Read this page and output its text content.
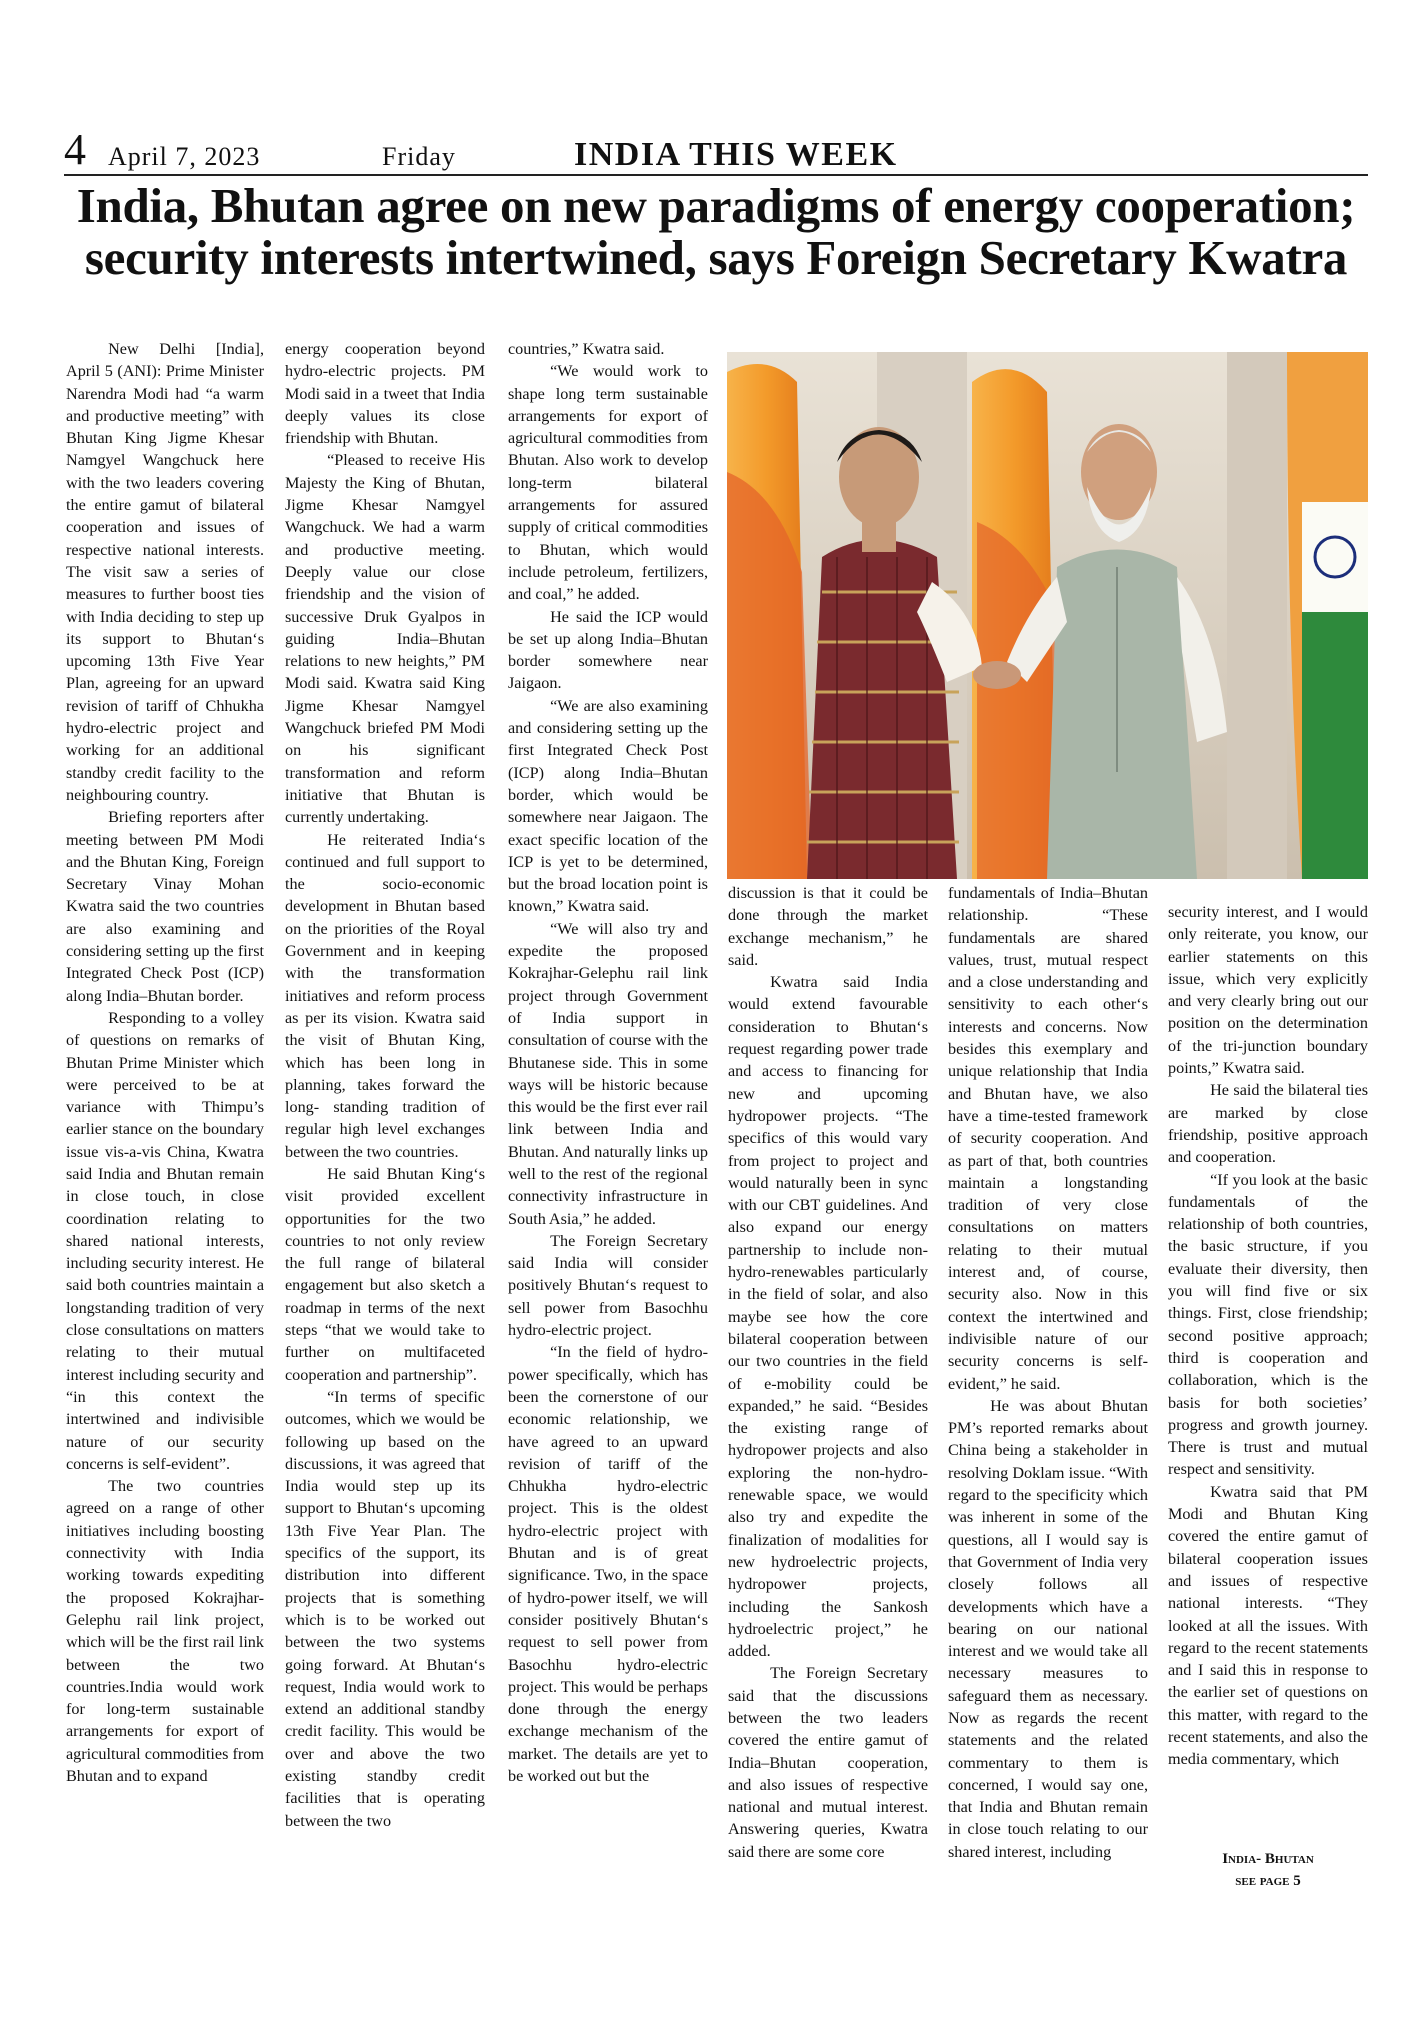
4 April 7, 2023	Friday	INDIA THIS WEEK
India, Bhutan agree on new paradigms of energy cooperation; security interests intertwined, says Foreign Secretary Kwatra

New Delhi [India], April 5 (ANI): Prime Minister Narendra Modi had “a warm and productive meeting” with Bhutan King Jigme Khesar Namgyel Wangchuck here with the two leaders covering the entire gamut of bilateral cooperation and issues of respective national interests. The visit saw a series of measures to further boost ties with India deciding to step up its support to Bhutan‘s upcoming 13th Five Year Plan, agreeing for an upward revision of tariff of Chhukha hydro-electric project and working for an additional standby credit facility to the neighbouring country.

Briefing reporters after meeting between PM Modi and the Bhutan King, Foreign Secretary Vinay Mohan Kwatra said the two countries are also examining and considering setting up the first Integrated Check Post (ICP) along India–Bhutan border.

Responding to a volley of questions on remarks of Bhutan Prime Minister which were perceived to be at variance with Thimpu’s earlier stance on the boundary issue vis-a-vis China, Kwatra said India and Bhutan remain in close touch, in close coordination relating to shared national interests, including security interest. He said both countries maintain a longstanding tradition of very close consultations on matters relating to their mutual interest including security and “in this context the intertwined and indivisible nature of our security concerns is self-evident”.

The two countries agreed on a range of other initiatives including boosting connectivity with India working towards expediting the proposed Kokrajhar-Gelephu rail link project, which will be the first rail link between the two countries.India would work for long-term sustainable arrangements for export of agricultural commodities from Bhutan and to expand

energy cooperation beyond hydro-electric projects. PM Modi said in a tweet that India deeply values its close friendship with Bhutan.

“Pleased to receive His Majesty the King of Bhutan, Jigme Khesar Namgyel Wangchuck. We had a warm and productive meeting. Deeply value our close friendship and the vision of successive Druk Gyalpos in guiding India–Bhutan relations to new heights,” PM Modi said. Kwatra said King Jigme Khesar Namgyel Wangchuck briefed PM Modi on his significant transformation and reform initiative that Bhutan is currently undertaking.

He reiterated India‘s continued and full support to the socio-economic development in Bhutan based on the priorities of the Royal Government and in keeping with the transformation initiatives and reform process as per its vision. Kwatra said the visit of Bhutan King, which has been long in planning, takes forward the long- standing tradition of regular high level exchanges between the two countries.

He said Bhutan King‘s visit provided excellent opportunities for the two countries to not only review the full range of bilateral engagement but also sketch a roadmap in terms of the next steps “that we would take to further on multifaceted cooperation and partnership”.

“In terms of specific outcomes, which we would be following up based on the discussions, it was agreed that India would step up its support to Bhutan‘s upcoming 13th Five Year Plan. The specifics of the support, its distribution into different projects that is something which is to be worked out between the two systems going forward. At Bhutan‘s request, India would work to extend an additional standby credit facility. This would be over and above the two existing standby credit facilities that is operating between the two

countries,” Kwatra said.

“We would work to shape long term sustainable arrangements for export of agricultural commodities from Bhutan. Also work to develop long-term bilateral arrangements for assured supply of critical commodities to Bhutan, which would include petroleum, fertilizers, and coal,” he added.

He said the ICP would be set up along India–Bhutan border somewhere near Jaigaon.

“We are also examining and considering setting up the first Integrated Check Post (ICP) along India–Bhutan border, which would be somewhere near Jaigaon. The exact specific location of the ICP is yet to be determined, but the broad location point is known,” Kwatra said.

“We will also try and expedite the proposed Kokrajhar-Gelephu rail link project through Government of India support in consultation of course with the Bhutanese side. This in some ways will be historic because this would be the first ever rail link between India and Bhutan. And naturally links up well to the rest of the regional connectivity infrastructure in South Asia,” he added.

The Foreign Secretary said India will consider positively Bhutan‘s request to sell power from Basochhu hydro-electric project.

“In the field of hydro-power specifically, which has been the cornerstone of our economic relationship, we have agreed to an upward revision of tariff of the Chhukha hydro-electric project. This is the oldest hydro-electric project with Bhutan and is of great significance. Two, in the space of hydro-power itself, we will consider positively Bhutan‘s request to sell power from Basochhu hydro-electric project. This would be perhaps done through the energy exchange mechanism of the market. The details are yet to be worked out but the

discussion is that it could be done through the market exchange mechanism,” he said.

Kwatra said India would extend favourable consideration to Bhutan‘s request regarding power trade and access to financing for new and upcoming hydropower projects. “The specifics of this would vary from project to project and would naturally been in sync with our CBT guidelines. And also expand our energy partnership to include non-hydro-renewables particularly in the field of solar, and also maybe see how the core bilateral cooperation between our two countries in the field of e-mobility could be expanded,” he said. “Besides the existing range of hydropower projects and also exploring the non-hydro-renewable space, we would also try and expedite the finalization of modalities for new hydroelectric projects, hydropower projects, including the Sankosh hydroelectric project,” he added.

The Foreign Secretary said that the discussions between the two leaders covered the entire gamut of India–Bhutan cooperation, and also issues of respective national and mutual interest. Answering queries, Kwatra said there are some core

fundamentals of India–Bhutan relationship. “These fundamentals are shared values, trust, mutual respect and a close understanding and sensitivity to each other‘s interests and concerns. Now besides this exemplary and unique relationship that India and Bhutan have, we also have a time-tested framework of security cooperation. And as part of that, both countries maintain a longstanding tradition of very close consultations on matters relating to their mutual interest and, of course, security also. Now in this context the intertwined and indivisible nature of our security concerns is self-evident,” he said.

He was about Bhutan PM’s reported remarks about China being a stakeholder in resolving Doklam issue. “With regard to the specificity which was inherent in some of the questions, all I would say is that Government of India very closely follows all developments which have a bearing on our national interest and we would take all necessary measures to safeguard them as necessary. Now as regards the recent statements and the related commentary to them is concerned, I would say one, that India and Bhutan remain in close touch relating to our shared interest, including

security interest, and I would only reiterate, you know, our earlier statements on this issue, which very explicitly and very clearly bring out our position on the determination of the tri-junction boundary points,” Kwatra said.

He said the bilateral ties are marked by close friendship, positive approach and cooperation.

“If you look at the basic fundamentals of the relationship of both countries, the basic structure, if you evaluate their diversity, then you will find five or six things. First, close friendship; second positive approach; third is cooperation and collaboration, which is the basis for both societies’ progress and growth journey. There is trust and mutual respect and sensitivity.

Kwatra said that PM Modi and Bhutan King covered the entire gamut of bilateral cooperation issues and issues of respective national interests. “They looked at all the issues. With regard to the recent statements and I said this in response to the earlier set of questions on this matter, with regard to the recent statements, and also the media commentary, which

India- Bhutan
see page 5
